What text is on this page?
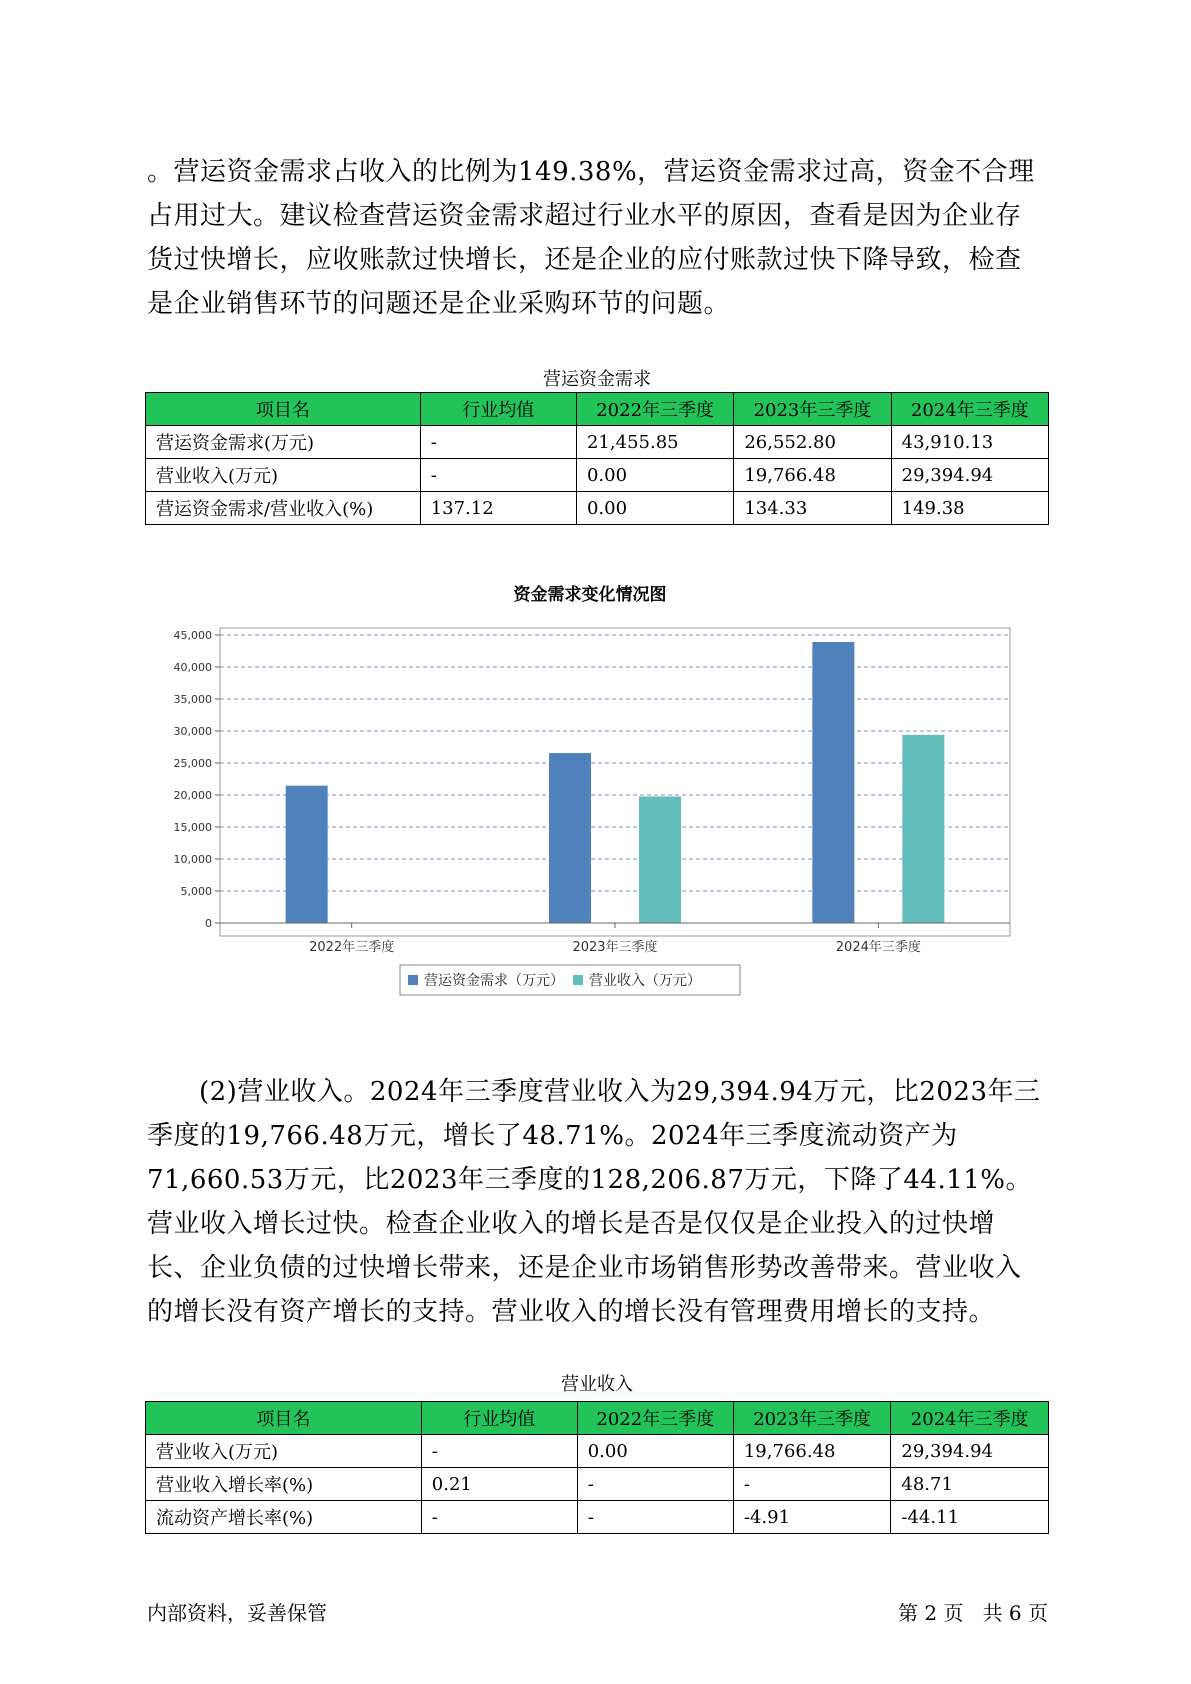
。营运资金需求占收入的比例为149.38%，营运资金需求过高，资金不合理占用过大。建议检查营运资金需求超过行业水平的原因，查看是因为企业存货过快增长，应收账款过快增长，还是企业的应付账款过快下降导致，检查是企业销售环节的问题还是企业采购环节的问题。

营运资金需求
项目名	行业均值	2022年三季度	2023年三季度	2024年三季度
营运资金需求(万元)	-	21,455.85	26,552.80	43,910.13
营业收入(万元)	-	0.00	19,766.48	29,394.94
营运资金需求/营业收入(%)	137.12	0.00	134.33	149.38
资金需求变化情况图
0
5,000
10,000
15,000
20,000
25,000
30,000
35,000
40,000
45,000
2022年三季度	2023年三季度	2024年三季度
营运资金需求（万元） 营业收入（万元）

(2)营业收入。2024年三季度营业收入为29,394.94万元，比2023年三季度的19,766.48万元，增长了48.71%。2024年三季度流动资产为71,660.53万元，比2023年三季度的128,206.87万元，下降了44.11%。营业收入增长过快。检查企业收入的增长是否是仅仅是企业投入的过快增长、企业负债的过快增长带来，还是企业市场销售形势改善带来。营业收入的增长没有资产增长的支持。营业收入的增长没有管理费用增长的支持。

营业收入
项目名	行业均值	2022年三季度	2023年三季度	2024年三季度
营业收入(万元)	-	0.00	19,766.48	29,394.94
营业收入增长率(%)	0.21	-	-	48.71
流动资产增长率(%)	-	-	-4.91	-44.11
内部资料，妥善保管	第 2 页   共 6 页
